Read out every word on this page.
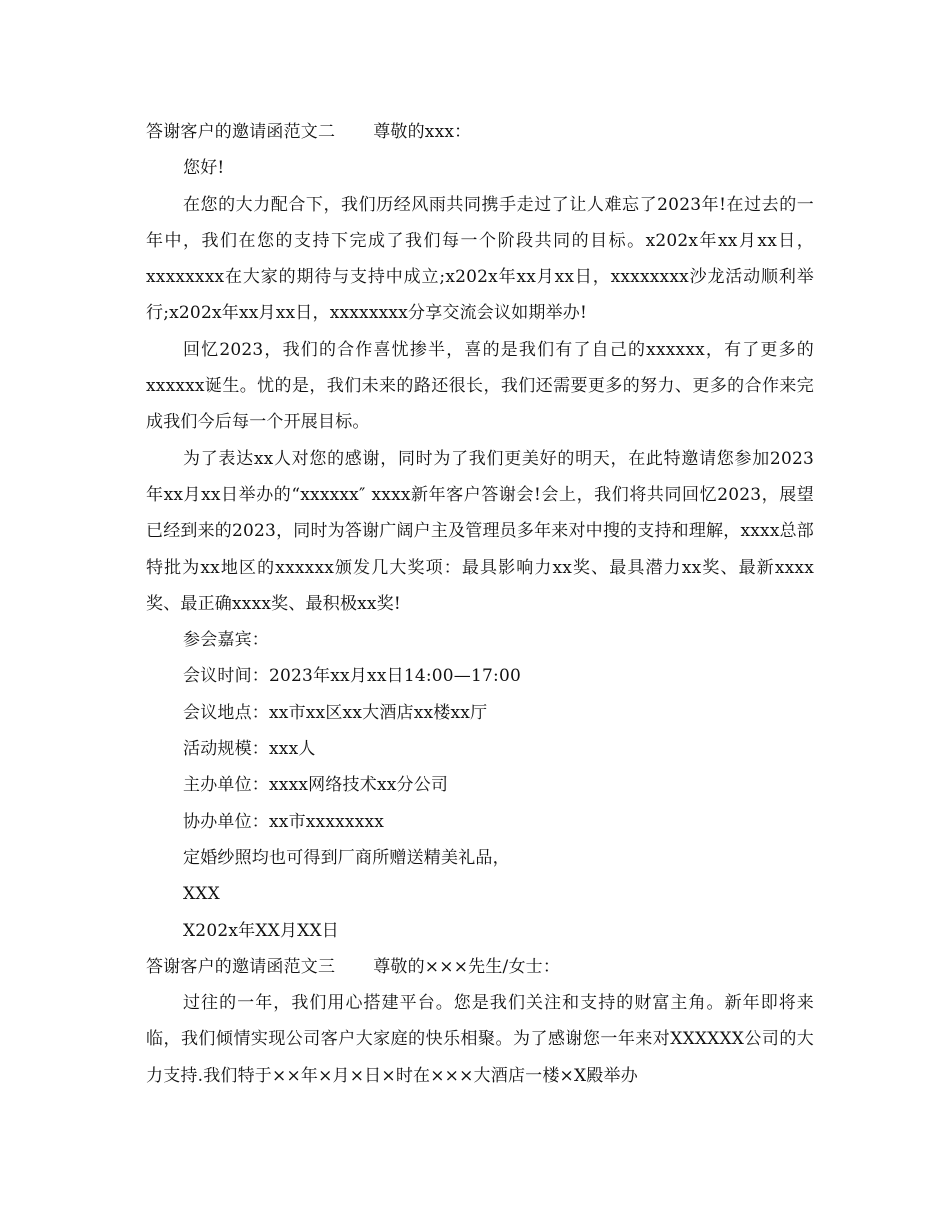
答谢客户的邀请函范文二 尊敬的xxx：

您好!

在您的大力配合下，我们历经风雨共同携手走过了让人难忘了2023年!在过去的一年中，我们在您的支持下完成了我们每一个阶段共同的目标。x202x年xx月xx日，xxxxxxxx在大家的期待与支持中成立;x202x年xx月xx日，xxxxxxxx沙龙活动顺利举行;x202x年xx月xx日，xxxxxxxx分享交流会议如期举办!

回忆2023，我们的合作喜忧掺半，喜的是我们有了自己的xxxxxx，有了更多的xxxxxx诞生。忧的是，我们未来的路还很长，我们还需要更多的努力、更多的合作来完成我们今后每一个开展目标。

为了表达xx人对您的感谢，同时为了我们更美好的明天，在此特邀请您参加2023年xx月xx日举办的“xxxxxx″ xxxx新年客户答谢会!会上，我们将共同回忆2023，展望已经到来的2023，同时为答谢广阔户主及管理员多年来对中搜的支持和理解，xxxx总部特批为xx地区的xxxxxx颁发几大奖项：最具影响力xx奖、最具潜力xx奖、最新xxxx奖、最正确xxxx奖、最积极xx奖!

参会嘉宾：

会议时间：2023年xx月xx日14:00—17:00

会议地点：xx市xx区xx大酒店xx楼xx厅

活动规模：xxx人

主办单位：xxxx网络技术xx分公司

协办单位：xx市xxxxxxxx

定婚纱照均也可得到厂商所赠送精美礼品，

XXX

X202x年XX月XX日

答谢客户的邀请函范文三 尊敬的×××先生/女士：

过往的一年，我们用心搭建平台。您是我们关注和支持的财富主角。新年即将来临，我们倾情实现公司客户大家庭的快乐相聚。为了感谢您一年来对XXXXXX公司的大力支持.我们特于××年×月×日×时在×××大酒店一楼×X殿举办
